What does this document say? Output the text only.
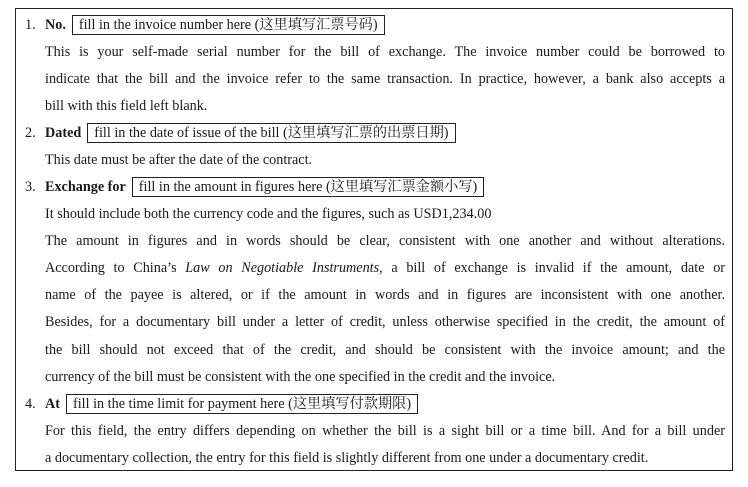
1. No. fill in the invoice number here (这里填写汇票号码)
This is your self-made serial number for the bill of exchange. The invoice number could be borrowed to
indicate that the bill and the invoice refer to the same transaction. In practice, however, a bank also accepts a
bill with this field left blank.
2. Dated fill in the date of issue of the bill (这里填写汇票的出票日期)
This date must be after the date of the contract.
3. Exchange for fill in the amount in figures here (这里填写汇票金额小写)
It should include both the currency code and the figures, such as USD1,234.00
The amount in figures and in words should be clear, consistent with one another and without alterations.
According to China’s Law on Negotiable Instruments, a bill of exchange is invalid if the amount, date or
name of the payee is altered, or if the amount in words and in figures are inconsistent with one another.
Besides, for a documentary bill under a letter of credit, unless otherwise specified in the credit, the amount of
the bill should not exceed that of the credit, and should be consistent with the invoice amount; and the
currency of the bill must be consistent with the one specified in the credit and the invoice.
4. At fill in the time limit for payment here (这里填写付款期限)
For this field, the entry differs depending on whether the bill is a sight bill or a time bill. And for a bill under
a documentary collection, the entry for this field is slightly different from one under a documentary credit.
